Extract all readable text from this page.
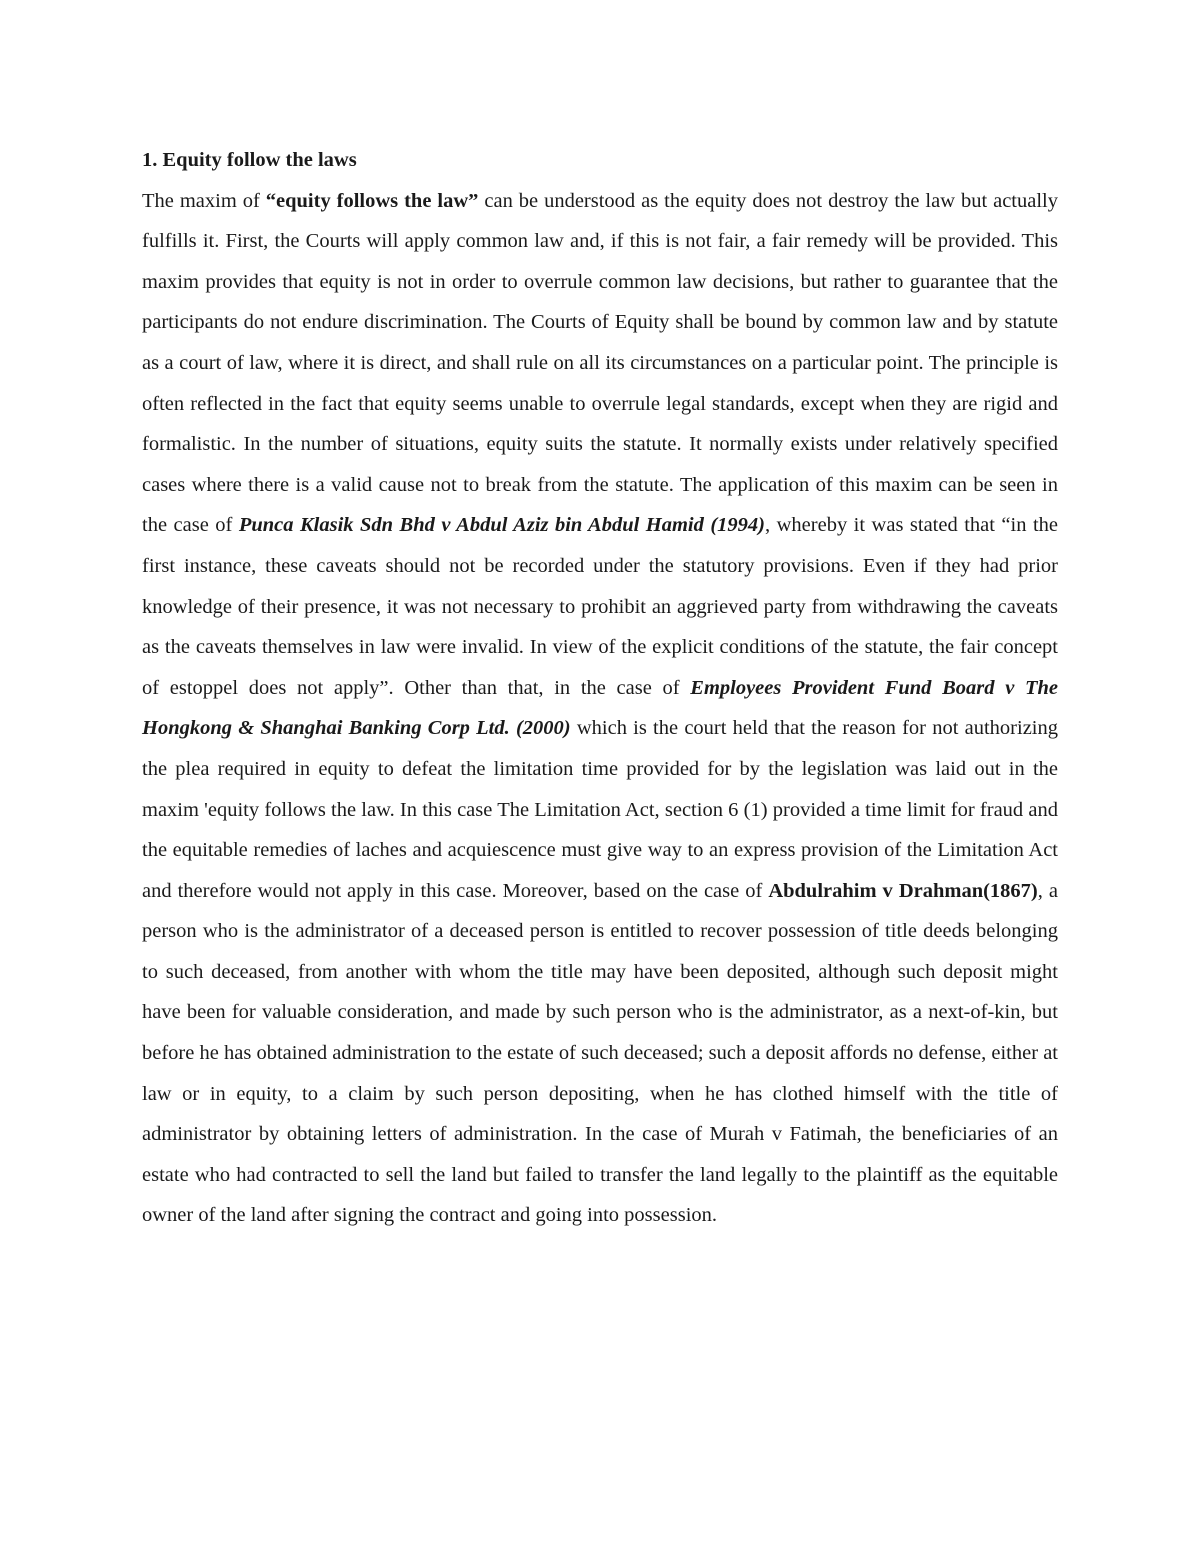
1. Equity follow the laws

The maxim of “equity follows the law” can be understood as the equity does not destroy the law but actually fulfills it. First, the Courts will apply common law and, if this is not fair, a fair remedy will be provided. This maxim provides that equity is not in order to overrule common law decisions, but rather to guarantee that the participants do not endure discrimination. The Courts of Equity shall be bound by common law and by statute as a court of law, where it is direct, and shall rule on all its circumstances on a particular point. The principle is often reflected in the fact that equity seems unable to overrule legal standards, except when they are rigid and formalistic. In the number of situations, equity suits the statute. It normally exists under relatively specified cases where there is a valid cause not to break from the statute. The application of this maxim can be seen in the case of Punca Klasik Sdn Bhd v Abdul Aziz bin Abdul Hamid (1994), whereby it was stated that “in the first instance, these caveats should not be recorded under the statutory provisions. Even if they had prior knowledge of their presence, it was not necessary to prohibit an aggrieved party from withdrawing the caveats as the caveats themselves in law were invalid. In view of the explicit conditions of the statute, the fair concept of estoppel does not apply”. Other than that, in the case of Employees Provident Fund Board v The Hongkong & Shanghai Banking Corp Ltd. (2000) which is the court held that the reason for not authorizing the plea required in equity to defeat the limitation time provided for by the legislation was laid out in the maxim 'equity follows the law. In this case The Limitation Act, section 6 (1) provided a time limit for fraud and the equitable remedies of laches and acquiescence must give way to an express provision of the Limitation Act and therefore would not apply in this case. Moreover, based on the case of Abdulrahim v Drahman(1867), a person who is the administrator of a deceased person is entitled to recover possession of title deeds belonging to such deceased, from another with whom the title may have been deposited, although such deposit might have been for valuable consideration, and made by such person who is the administrator, as a next-of-kin, but before he has obtained administration to the estate of such deceased; such a deposit affords no defense, either at law or in equity, to a claim by such person depositing, when he has clothed himself with the title of administrator by obtaining letters of administration. In the case of Murah v Fatimah, the beneficiaries of an estate who had contracted to sell the land but failed to transfer the land legally to the plaintiff as the equitable owner of the land after signing the contract and going into possession.
